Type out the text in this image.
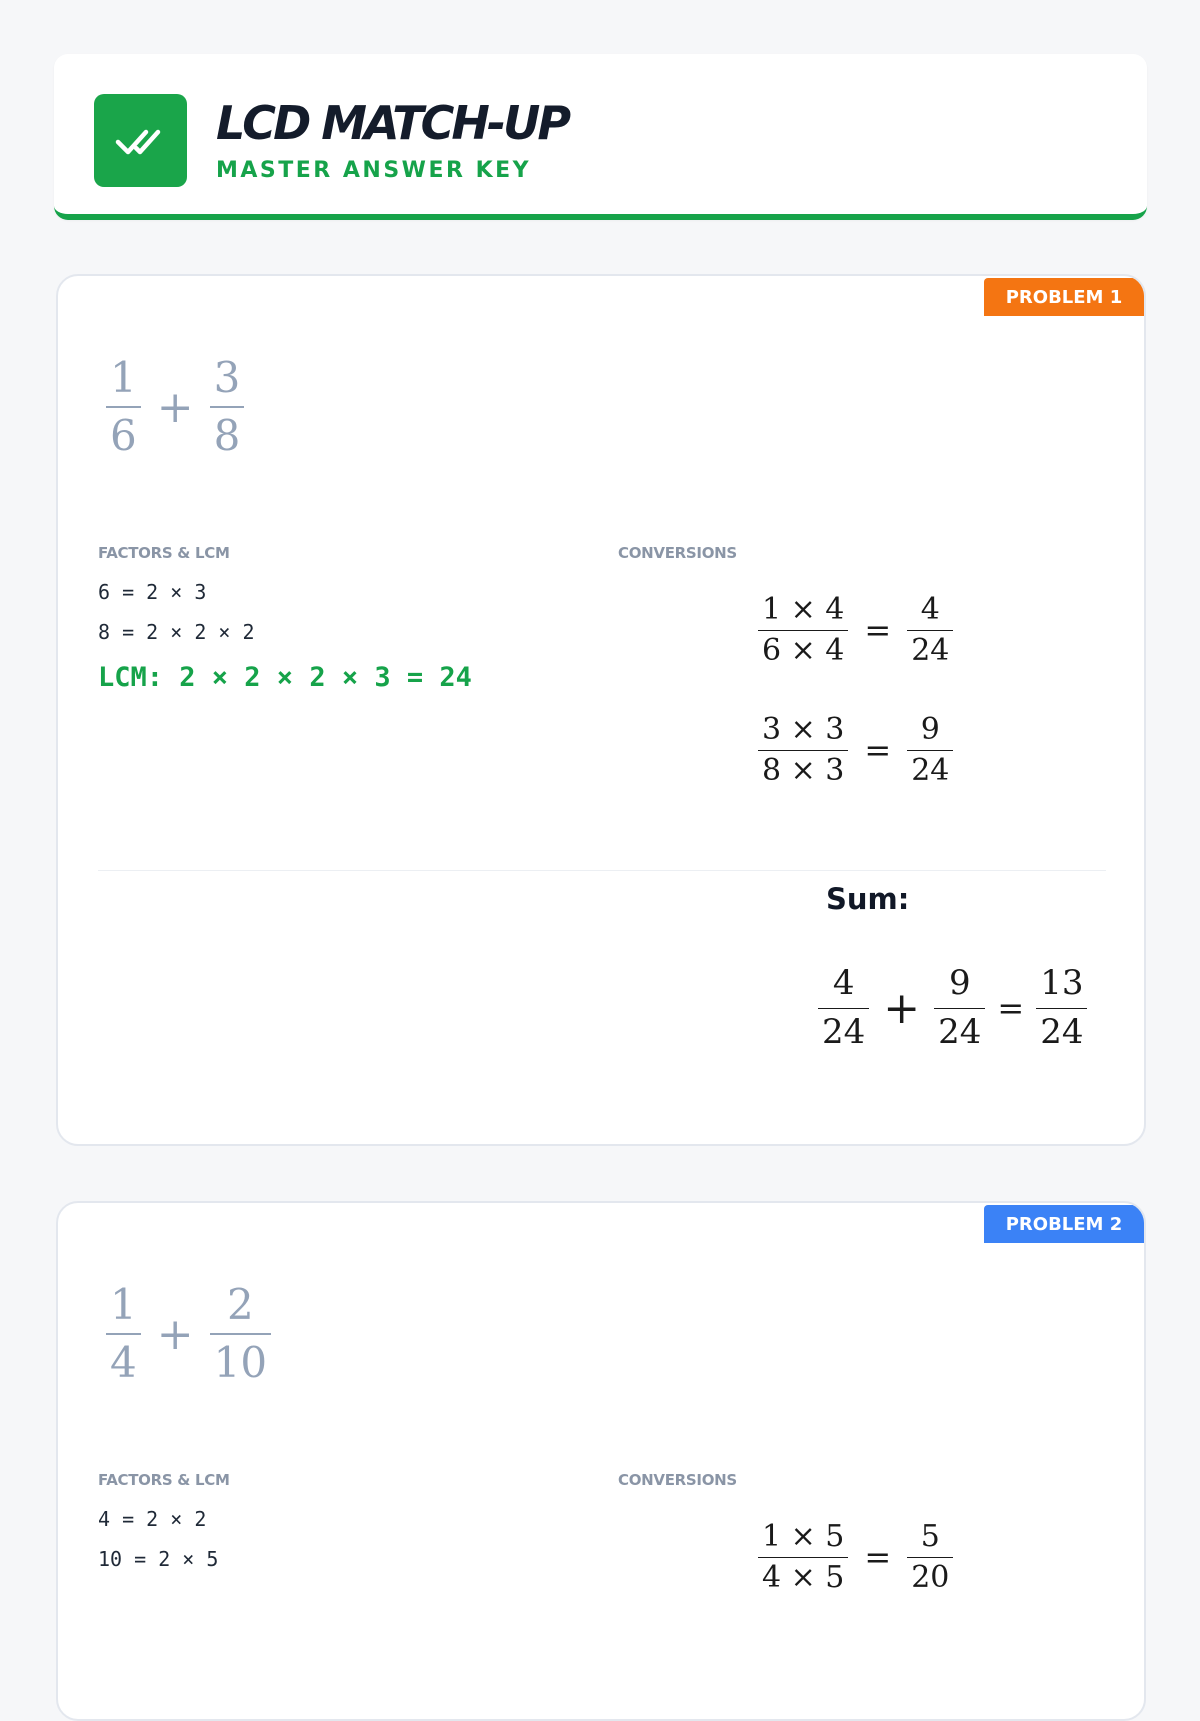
LCD MATCH-UP
MASTER ANSWER KEY
PROBLEM 1
$\frac{1}{6} + \frac{3}{8}$
FACTORS & LCM	CONVERSIONS
6 = 2 × 3
8 = 2 × 2 × 2
LCM: 2 × 2 × 2 × 3 = 24
$\frac{1 \times 4}{6 \times 4} = \frac{4}{24}$
$\frac{3 \times 3}{8 \times 3} = \frac{9}{24}$
Sum:
$\frac{4}{24} + \frac{9}{24} = \frac{13}{24}$
PROBLEM 2
$\frac{1}{4} + \frac{2}{10}$
FACTORS & LCM	CONVERSIONS
4 = 2 × 2
10 = 2 × 5	$\frac{1 \times 5}{4 \times 5} = \frac{5}{20}$
